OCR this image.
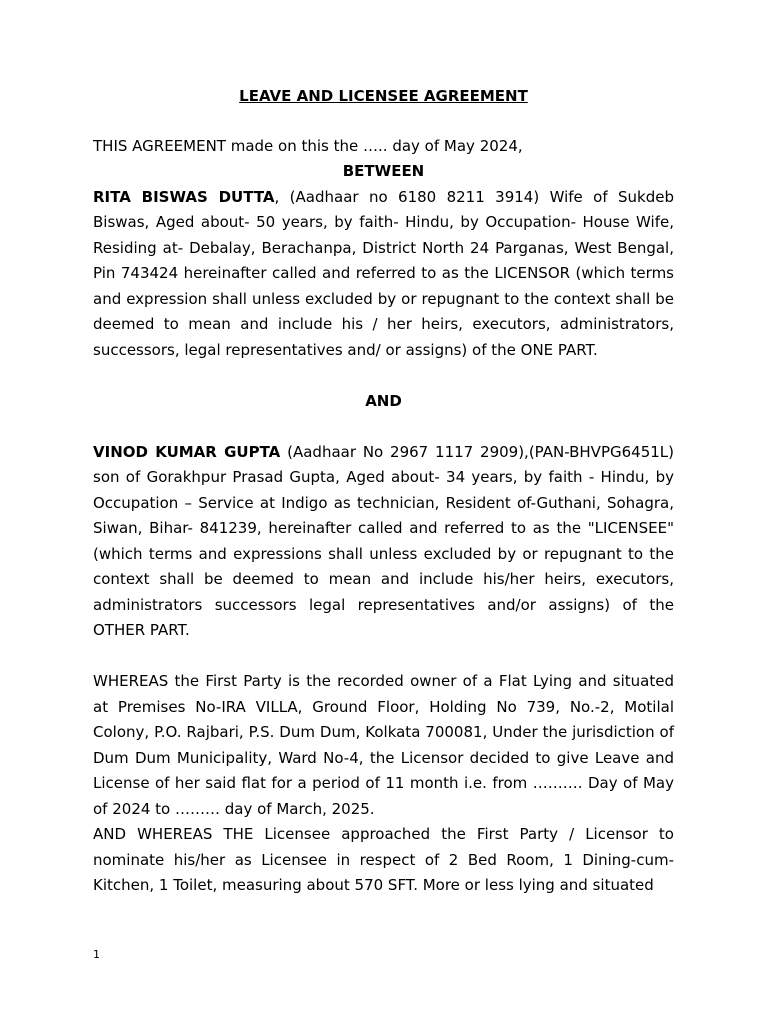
LEAVE AND LICENSEE AGREEMENT

THIS AGREEMENT made on this the ….. day of May 2024,

BETWEEN

RITA BISWAS DUTTA, (Aadhaar no 6180 8211 3914) Wife of Sukdeb Biswas, Aged about- 50 years, by faith- Hindu, by Occupation- House Wife, Residing at- Debalay, Berachanpa, District North 24 Parganas, West Bengal, Pin 743424 hereinafter called and referred to as the LICENSOR (which terms and expression shall unless excluded by or repugnant to the context shall be deemed to mean and include his / her heirs, executors, administrators, successors, legal representatives and/ or assigns) of the ONE PART.

AND

VINOD KUMAR GUPTA (Aadhaar No 2967 1117 2909),(PAN-BHVPG6451L) son of Gorakhpur Prasad Gupta, Aged about- 34 years, by faith - Hindu, by Occupation – Service at Indigo as technician, Resident of-Guthani, Sohagra, Siwan, Bihar- 841239, hereinafter called and referred to as the "LICENSEE" (which terms and expressions shall unless excluded by or repugnant to the context shall be deemed to mean and include his/her heirs, executors, administrators successors legal representatives and/or assigns) of the OTHER PART.

WHEREAS the First Party is the recorded owner of a Flat Lying and situated at Premises No-IRA VILLA, Ground Floor, Holding No 739, No.-2, Motilal Colony, P.O. Rajbari, P.S. Dum Dum, Kolkata 700081, Under the jurisdiction of Dum Dum Municipality, Ward No-4, the Licensor decided to give Leave and License of her said flat for a period of 11 month i.e. from ………. Day of May of 2024 to ……… day of March, 2025.

AND WHEREAS THE Licensee approached the First Party / Licensor to nominate his/her as Licensee in respect of 2 Bed Room, 1 Dining-cum-Kitchen, 1 Toilet, measuring about 570 SFT. More or less lying and situated

1
